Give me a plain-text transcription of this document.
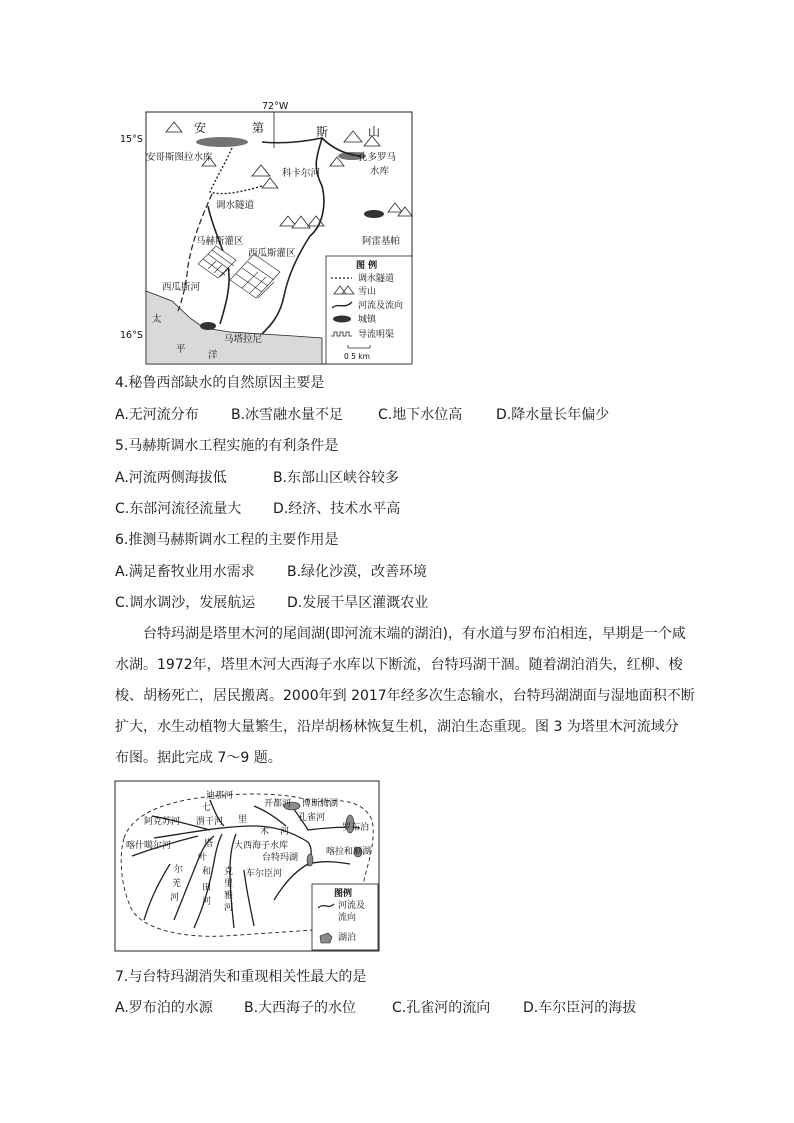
72°W
15°S
16°S
安	第	斯	山
安哥斯图拉水库	孔多罗马
水库
科卡尔河
调水隧道
马赫斯灌区
西瓜斯灌区
西瓜斯河
阿雷基帕
太
平
洋
马塔拉尼
图 例
调水隧道
雪山
河流及流向
城镇
导流明渠
0 5 km
4.秘鲁西部缺水的自然原因主要是
A.无河流分布 B.冰雪融水量不足 C.地下水位高 D.降水量长年偏少
5.马赫斯调水工程实施的有利条件是
A.河流两侧海拔低	B.东部山区峡谷较多
C.东部河流径流量大 D.经济、技术水平高
6.推测马赫斯调水工程的主要作用是
A.满足畜牧业用水需求 B.绿化沙漠，改善环境
C.调水调沙，发展航运 D.发展干旱区灌溉农业
台特玛湖是塔里木河的尾闾湖(即河流末端的湖泊)，有水道与罗布泊相连，早期是一个咸
水湖。1972年，塔里木河大西海子水库以下断流，台特玛湖干涸。随着湖泊消失，红柳、梭
梭、胡杨死亡，居民搬离。2000年到 2017年经多次生态输水，台特玛湖湖面与湿地面积不断
扩大，水生动植物大量繁生，沿岸胡杨林恢复生机，湖泊生态重现。图 3 为塔里木河流域分
布图。据此完成 7～9 题。
迪那河
开都河 博斯腾湖
孔雀河
罗布泊
七
渭干河
阿克苏河
喀什噶尔河
里
木 河
塔 大西海子水库
台特玛湖
喀拉和顺湖
车尔臣河
尔
叶
羌
河
和
田
河
克
里
雅
河
图例
河流及
流向
湖泊
7.与台特玛湖消失和重现相关性最大的是
A.罗布泊的水源 B.大西海子的水位	C.孔雀河的流向 D.车尔臣河的海拔
